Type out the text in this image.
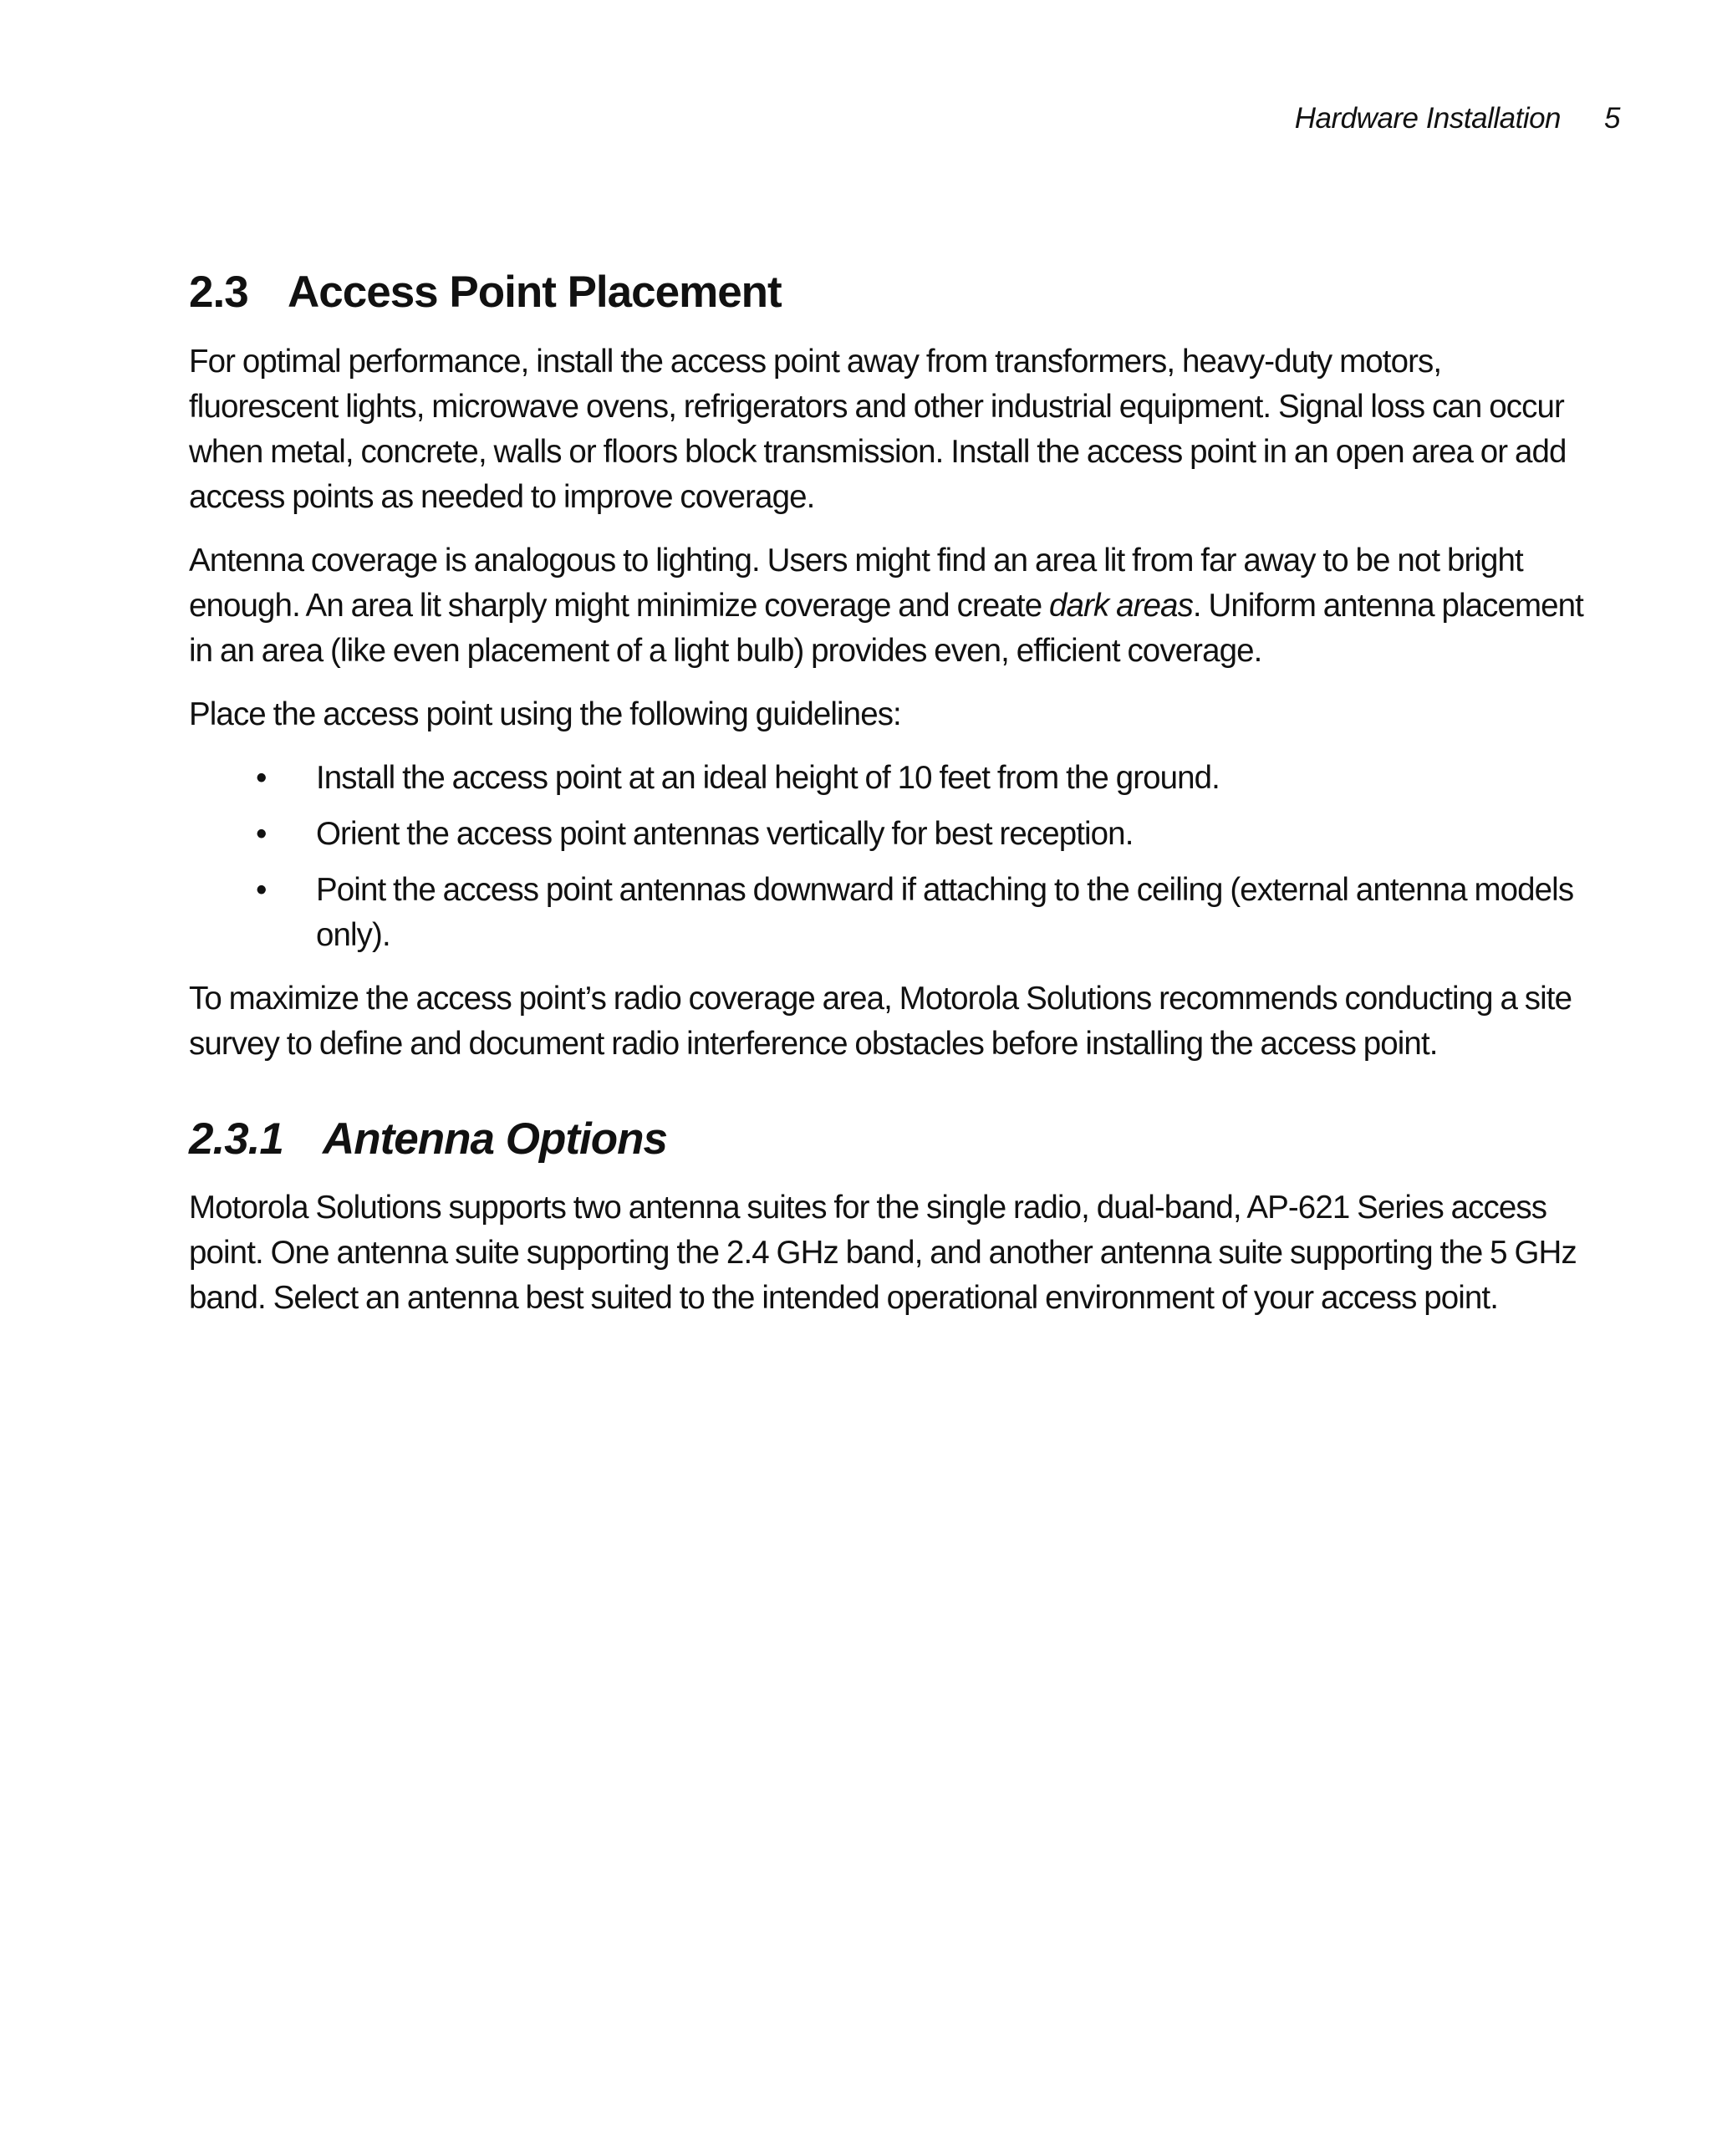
Hardware Installation 5
2.3 Access Point Placement

For optimal performance, install the access point away from transformers, heavy-duty motors, fluorescent lights, microwave ovens, refrigerators and other industrial equipment. Signal loss can occur when metal, concrete, walls or floors block transmission. Install the access point in an open area or add access points as needed to improve coverage.

Antenna coverage is analogous to lighting. Users might find an area lit from far away to be not bright enough. An area lit sharply might minimize coverage and create dark areas. Uniform antenna placement in an area (like even placement of a light bulb) provides even, efficient coverage.

Place the access point using the following guidelines:

• Install the access point at an ideal height of 10 feet from the ground.
• Orient the access point antennas vertically for best reception.
• Point the access point antennas downward if attaching to the ceiling (external antenna models only).

To maximize the access point’s radio coverage area, Motorola Solutions recommends conducting a site survey to define and document radio interference obstacles before installing the access point.

2.3.1 Antenna Options

Motorola Solutions supports two antenna suites for the single radio, dual-band, AP-621 Series access point. One antenna suite supporting the 2.4 GHz band, and another antenna suite supporting the 5 GHz band. Select an antenna best suited to the intended operational environment of your access point.
